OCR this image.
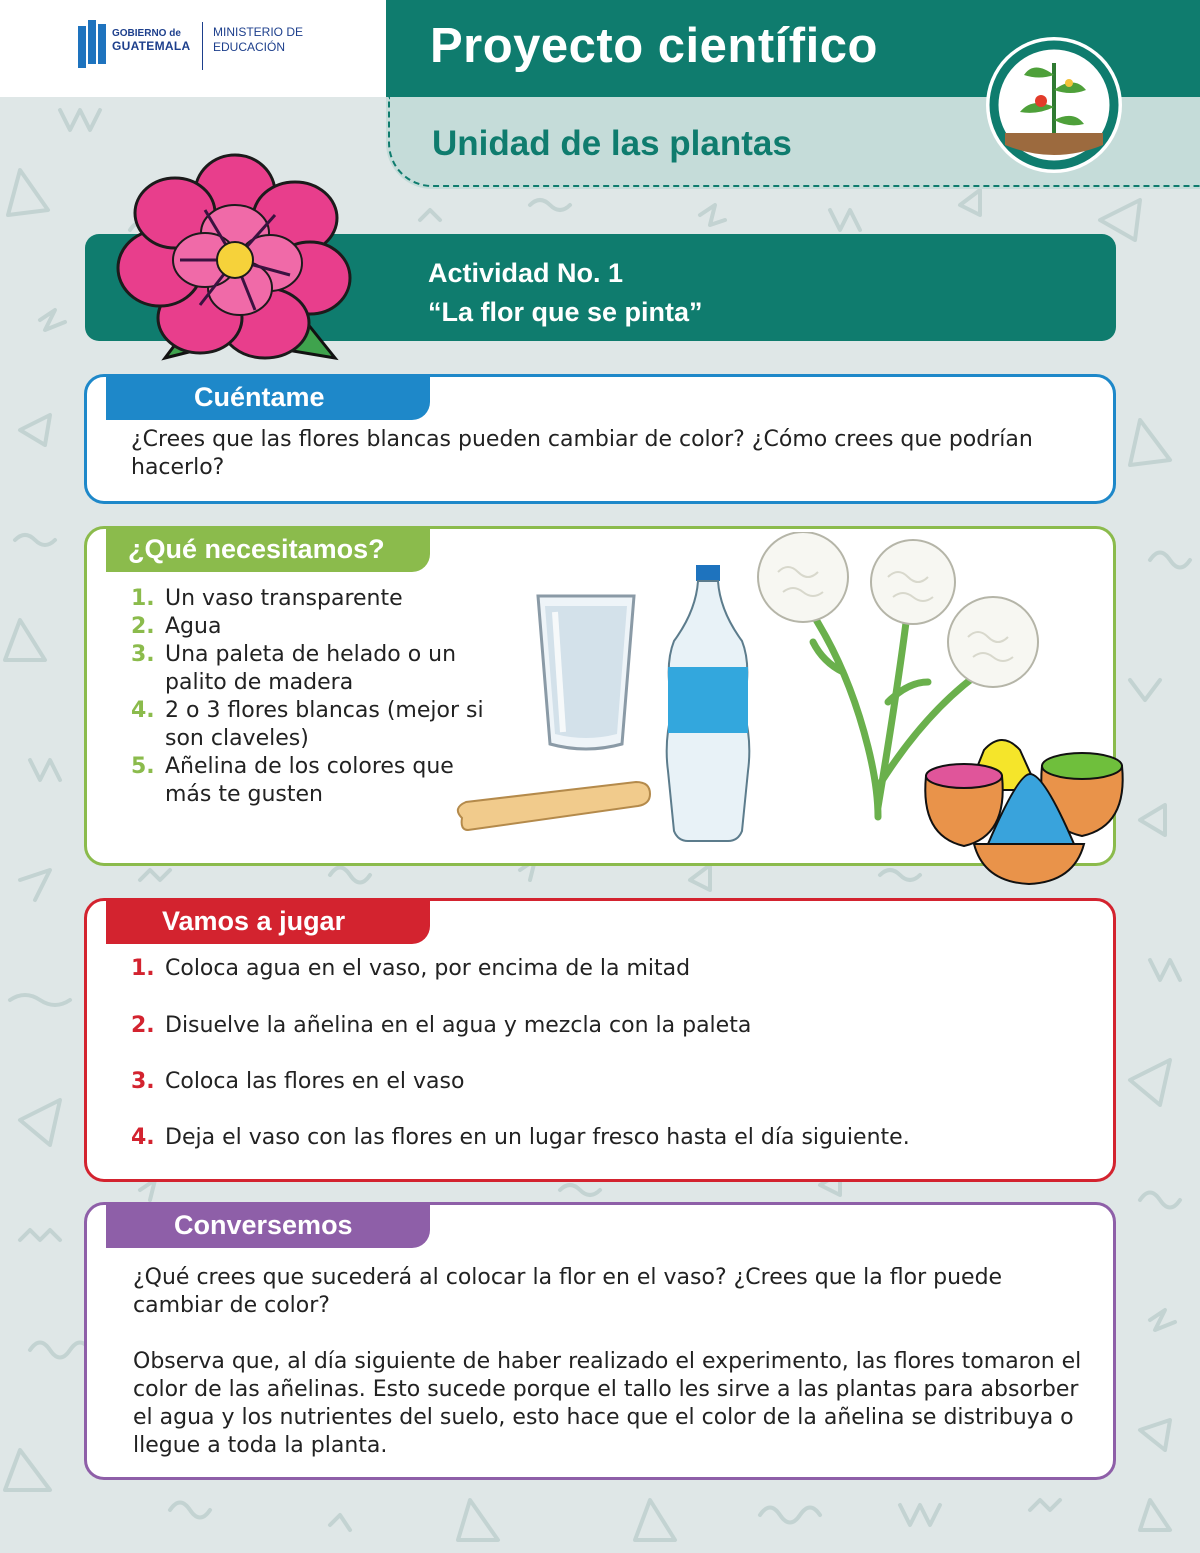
GOBIERNO de
GUATEMALA
MINISTERIO DE
EDUCACIÓN	Proyecto científico
Unidad de las plantas
Actividad No. 1
“La flor que se pinta”
Cuéntame
¿Crees que las flores blancas pueden cambiar de color? ¿Cómo crees que podrían hacerlo?
¿Qué necesitamos?
1. Un vaso transparente
2. Agua
3. Una paleta de helado o un palito de madera
4. 2 o 3 flores blancas (mejor si son claveles)
5. Añelina de los colores que más te gusten
Vamos a jugar
1. Coloca agua en el vaso, por encima de la mitad
2. Disuelve la añelina en el agua y mezcla con la paleta
3. Coloca las flores en el vaso
4. Deja el vaso con las flores en un lugar fresco hasta el día siguiente.
Conversemos
¿Qué crees que sucederá al colocar la flor en el vaso? ¿Crees que la flor puede cambiar de color?
Observa que, al día siguiente de haber realizado el experimento, las flores tomaron el color de las añelinas. Esto sucede porque el tallo les sirve a las plantas para absorber el agua y los nutrientes del suelo, esto hace que el color de la añelina se distribuya o llegue a toda la planta.
